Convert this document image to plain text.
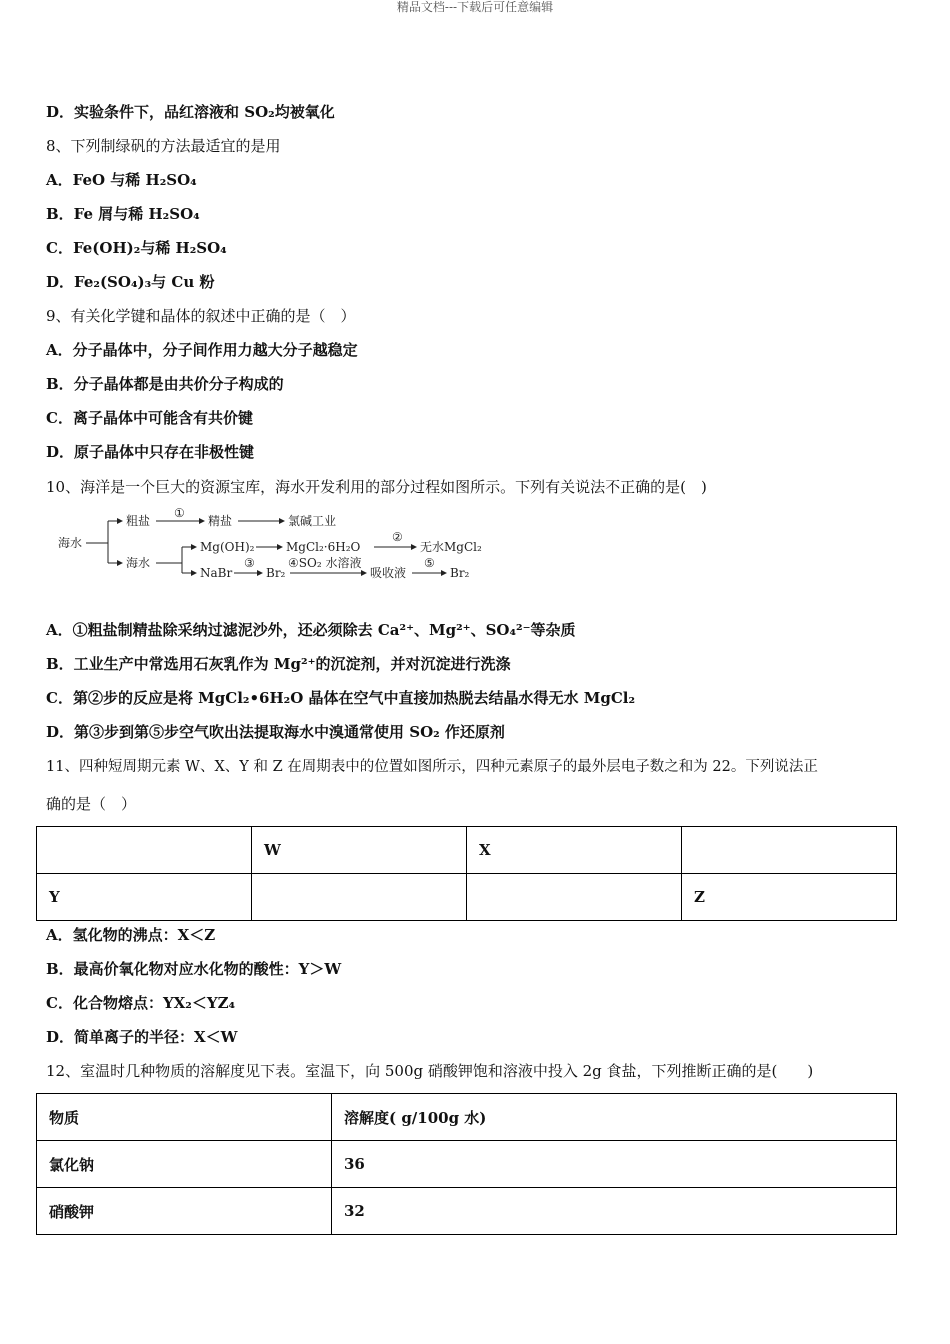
精品文档---下载后可任意编辑
D．实验条件下，品红溶液和 SO₂均被氧化
8、下列制绿矾的方法最适宜的是用
A．FeO 与稀 H₂SO₄
B．Fe 屑与稀 H₂SO₄
C．Fe(OH)₂与稀 H₂SO₄
D．Fe₂(SO₄)₃与 Cu 粉
9、有关化学键和晶体的叙述中正确的是（　）
A．分子晶体中，分子间作用力越大分子越稳定
B．分子晶体都是由共价分子构成的
C．离子晶体中可能含有共价键
D．原子晶体中只存在非极性键
10、海洋是一个巨大的资源宝库，海水开发利用的部分过程如图所示。下列有关说法不正确的是(　)
海水
粗盐
①
精盐	氯碱工业
海水
Mg(OH)₂	MgCl₂·6H₂O
②
无水MgCl₂
NaBr
③
Br₂
④SO₂ 水溶液
吸收液
⑤
Br₂
A．①粗盐制精盐除采纳过滤泥沙外，还必须除去 Ca²⁺、Mg²⁺、SO₄²⁻等杂质
B．工业生产中常选用石灰乳作为 Mg²⁺的沉淀剂，并对沉淀进行洗涤
C．第②步的反应是将 MgCl₂•6H₂O 晶体在空气中直接加热脱去结晶水得无水 MgCl₂
D．第③步到第⑤步空气吹出法提取海水中溴通常使用 SO₂ 作还原剂
11、四种短周期元素 W、X、Y 和 Z 在周期表中的位置如图所示，四种元素原子的最外层电子数之和为 22。下列说法正
确的是（　）
	W	X	
Y			Z
A．氢化物的沸点：X＜Z
B．最高价氧化物对应水化物的酸性：Y＞W
C．化合物熔点：YX₂＜YZ₄
D．简单离子的半径：X＜W
12、室温时几种物质的溶解度见下表。室温下，向 500g 硝酸钾饱和溶液中投入 2g 食盐，下列推断正确的是(　　)
物质	溶解度( g/100g 水)
氯化钠	36
硝酸钾	32
